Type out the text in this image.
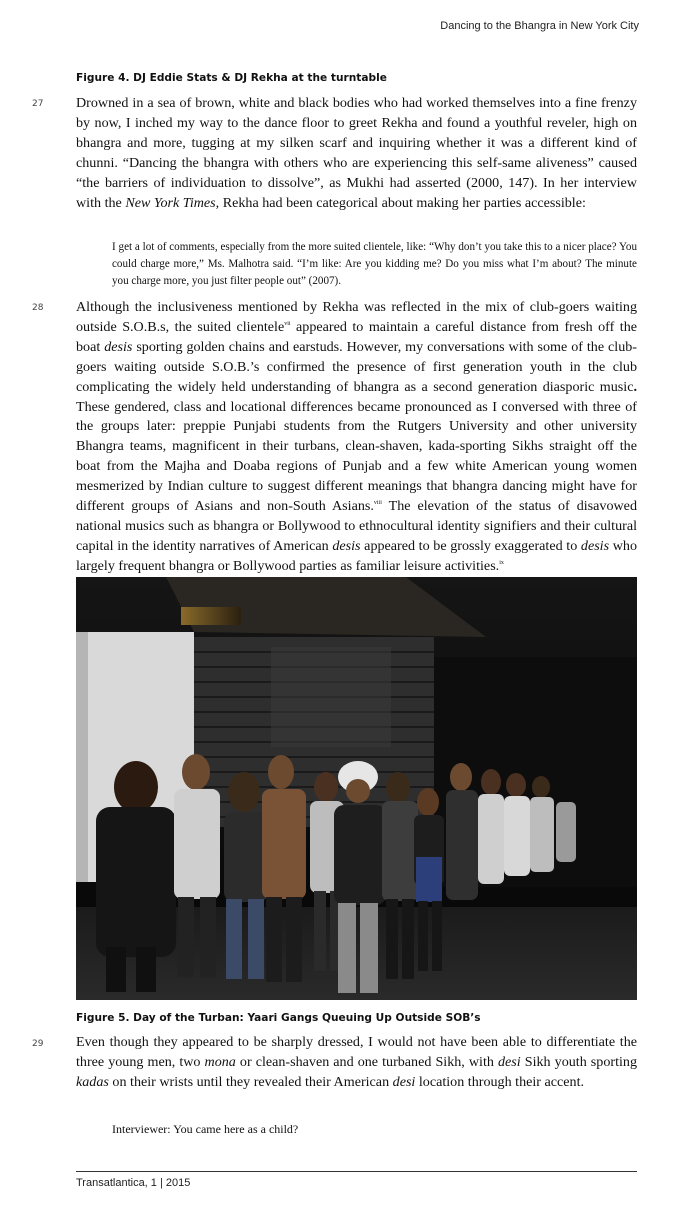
Dancing to the Bhangra in New York City
Figure 4. DJ Eddie Stats & DJ Rekha at the turntable
27 Drowned in a sea of brown, white and black bodies who had worked themselves into a fine frenzy by now, I inched my way to the dance floor to greet Rekha and found a youthful reveler, high on bhangra and more, tugging at my silken scarf and inquiring whether it was a different kind of chunni. “Dancing the bhangra with others who are experiencing this self-same aliveness” caused “the barriers of individuation to dissolve”, as Mukhi had asserted (2000, 147). In her interview with the New York Times, Rekha had been categorical about making her parties accessible:

I get a lot of comments, especially from the more suited clientele, like: “Why don’t you take this to a nicer place? You could charge more,” Ms. Malhotra said. “I’m like: Are you kidding me? Do you miss what I’m about? The minute you charge more, you just filter people out” (2007).

28 Although the inclusiveness mentioned by Rekha was reflected in the mix of club-goers waiting outside S.O.B.s, the suited clientele$^{vii}$ appeared to maintain a careful distance from fresh off the boat desis sporting golden chains and earstuds. However, my conversations with some of the club-goers waiting outside S.O.B.’s confirmed the presence of first generation youth in the club complicating the widely held understanding of bhangra as a second generation diasporic music. These gendered, class and locational differences became pronounced as I conversed with three of the groups later: preppie Punjabi students from the Rutgers University and other university Bhangra teams, magnificent in their turbans, clean-shaven, kada-sporting Sikhs straight off the boat from the Majha and Doaba regions of Punjab and a few white American young women mesmerized by Indian culture to suggest different meanings that bhangra dancing might have for different groups of Asians and non-South Asians.$^{viii}$ The elevation of the status of disavowed national musics such as bhangra or Bollywood to ethnocultural identity signifiers and their cultural capital in the identity narratives of American desis appeared to be grossly exaggerated to desis who largely frequent bhangra or Bollywood parties as familiar leisure activities.$^{ix}$

Figure 5. Day of the Turban: Yaari Gangs Queuing Up Outside SOB’s
29 Even though they appeared to be sharply dressed, I would not have been able to differentiate the three young men, two mona or clean-shaven and one turbaned Sikh, with desi Sikh youth sporting kadas on their wrists until they revealed their American desi location through their accent.

Interviewer: You came here as a child?
Transatlantica, 1 | 2015
